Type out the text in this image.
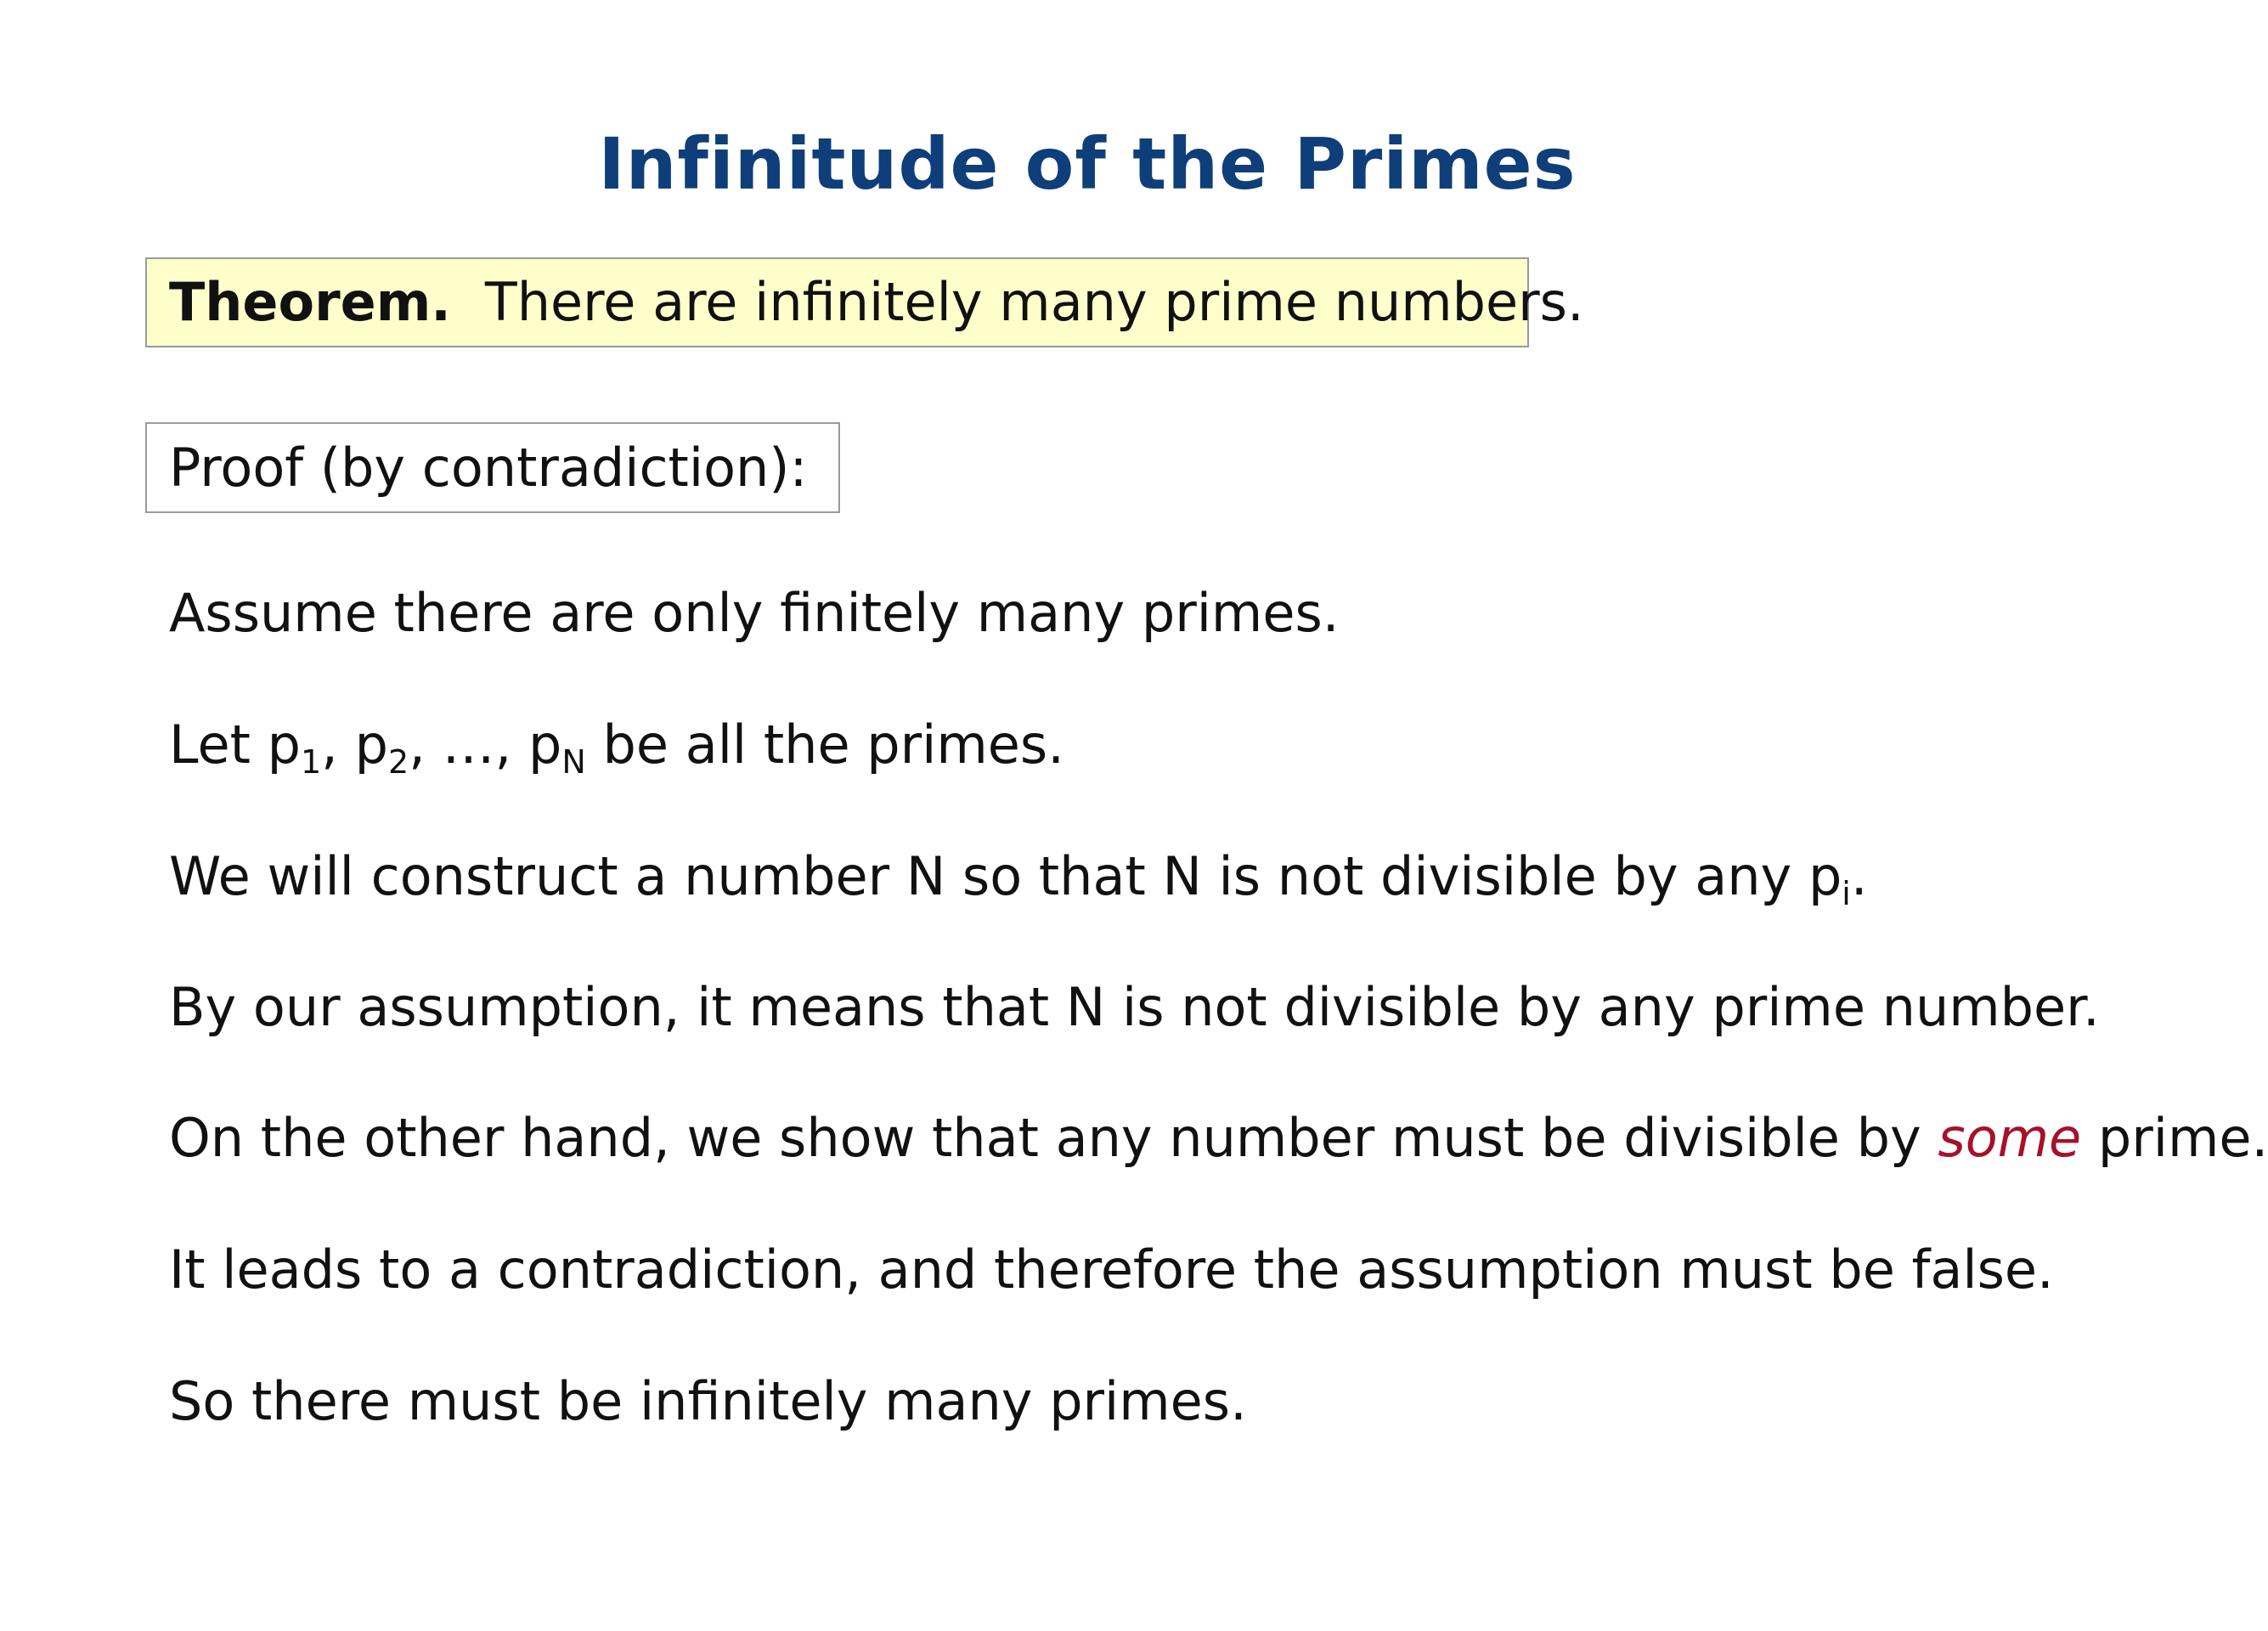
Infinitude of the Primes
Theorem. There are infinitely many prime numbers.
Proof (by contradiction):
Assume there are only finitely many primes.
Let $p_1$, $p_2$, …, $p_N$ be all the primes.
We will construct a number N so that N is not divisible by any $p_i$.
By our assumption, it means that N is not divisible by any prime number.
On the other hand, we show that any number must be divisible by some prime.
It leads to a contradiction, and therefore the assumption must be false.
So there must be infinitely many primes.
